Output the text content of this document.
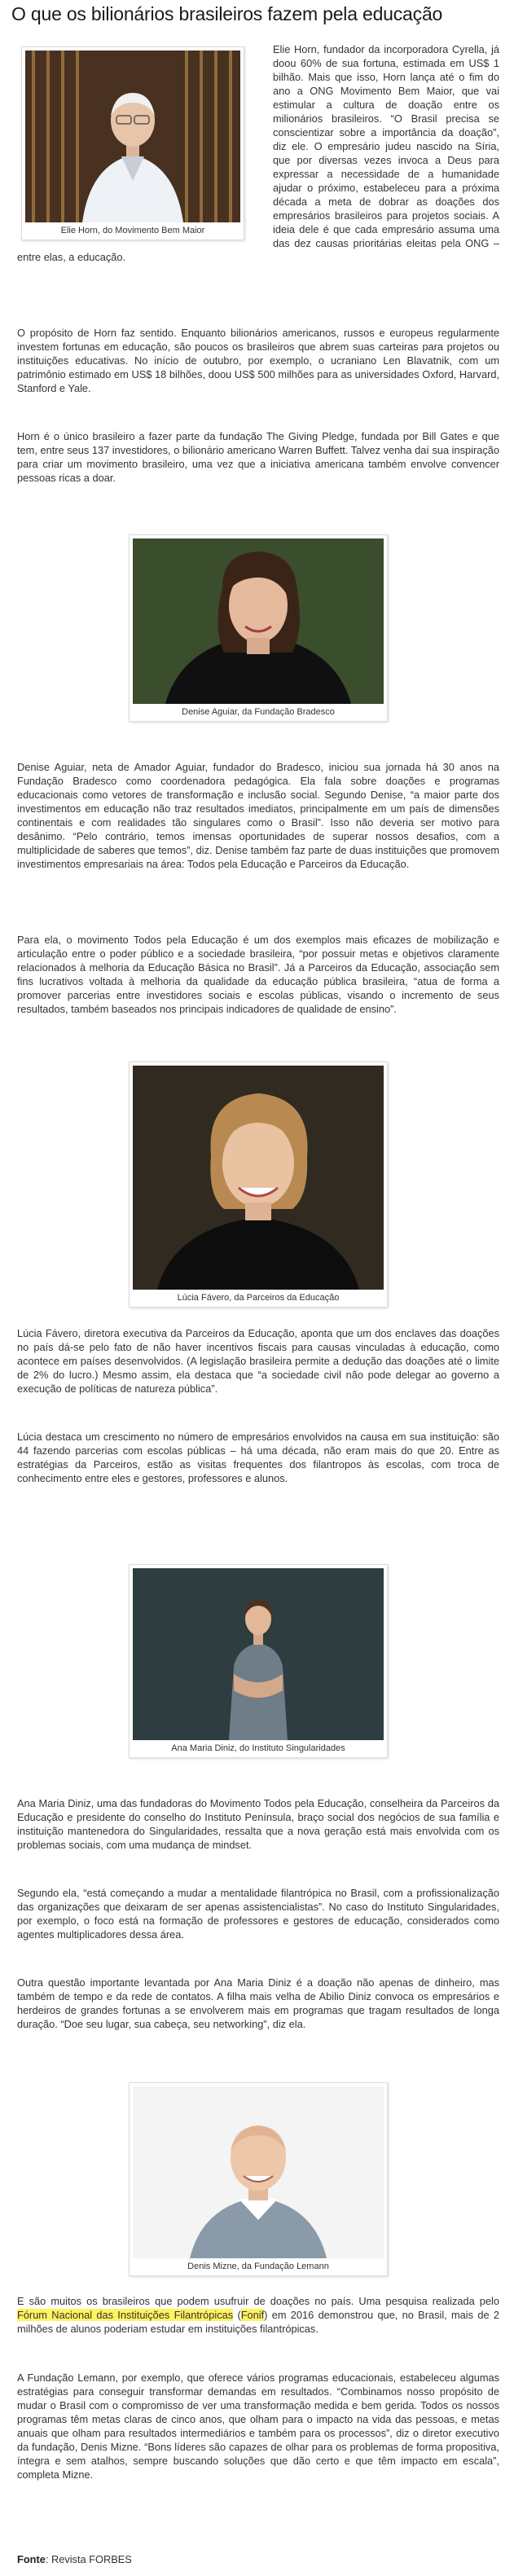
O que os bilionários brasileiros fazem pela educação
Elie Horn, do Movimento Bem Maior

Elie Horn, fundador da incorporadora Cyrella, já doou 60% de sua fortuna, estimada em US$ 1 bilhão. Mais que isso, Horn lança até o fim do ano a ONG Movimento Bem Maior, que vai estimular a cultura de doação entre os milionários brasileiros. “O Brasil precisa se conscientizar sobre a importância da doação”, diz ele. O empresário judeu nascido na Síria, que por diversas vezes invoca a Deus para expressar a necessidade de a humanidade ajudar o próximo, estabeleceu para a próxima década a meta de dobrar as doações dos empresários brasileiros para projetos sociais. A ideia dele é que cada empresário assuma uma das dez causas prioritárias eleitas pela ONG – entre elas, a educação.

O propósito de Horn faz sentido. Enquanto bilionários americanos, russos e europeus regularmente investem fortunas em educação, são poucos os brasileiros que abrem suas carteiras para projetos ou instituições educativas. No início de outubro, por exemplo, o ucraniano Len Blavatnik, com um patrimônio estimado em US$ 18 bilhões, doou US$ 500 milhões para as universidades Oxford, Harvard, Stanford e Yale.

Horn é o único brasileiro a fazer parte da fundação The Giving Pledge, fundada por Bill Gates e que tem, entre seus 137 investidores, o bilionário americano Warren Buffett. Talvez venha daí sua inspiração para criar um movimento brasileiro, uma vez que a iniciativa americana também envolve convencer pessoas ricas a doar.

Denise Aguiar, da Fundação Bradesco

Denise Aguiar, neta de Amador Aguiar, fundador do Bradesco, iniciou sua jornada há 30 anos na Fundação Bradesco como coordenadora pedagógica. Ela fala sobre doações e programas educacionais como vetores de transformação e inclusão social. Segundo Denise, “a maior parte dos investimentos em educação não traz resultados imediatos, principalmente em um país de dimensões continentais e com realidades tão singulares como o Brasil”. Isso não deveria ser motivo para desânimo. “Pelo contrário, temos imensas oportunidades de superar nossos desafios, com a multiplicidade de saberes que temos”, diz. Denise também faz parte de duas instituições que promovem investimentos empresariais na área: Todos pela Educação e Parceiros da Educação.

Para ela, o movimento Todos pela Educação é um dos exemplos mais eficazes de mobilização e articulação entre o poder público e a sociedade brasileira, “por possuir metas e objetivos claramente relacionados à melhoria da Educação Básica no Brasil”. Já a Parceiros da Educação, associação sem fins lucrativos voltada à melhoria da qualidade da educação pública brasileira, “atua de forma a promover parcerias entre investidores sociais e escolas públicas, visando o incremento de seus resultados, também baseados nos principais indicadores de qualidade de ensino”.

Lúcia Fávero, da Parceiros da Educação

Lúcia Fávero, diretora executiva da Parceiros da Educação, aponta que um dos enclaves das doações no país dá-se pelo fato de não haver incentivos fiscais para causas vinculadas à educação, como acontece em países desenvolvidos. (A legislação brasileira permite a dedução das doações até o limite de 2% do lucro.) Mesmo assim, ela destaca que “a sociedade civil não pode delegar ao governo a execução de políticas de natureza pública”.

Lúcia destaca um crescimento no número de empresários envolvidos na causa em sua instituição: são 44 fazendo parcerias com escolas públicas – há uma década, não eram mais do que 20. Entre as estratégias da Parceiros, estão as visitas frequentes dos filantropos às escolas, com troca de conhecimento entre eles e gestores, professores e alunos.

Ana Maria Diniz, do Instituto Singularidades

Ana Maria Diniz, uma das fundadoras do Movimento Todos pela Educação, conselheira da Parceiros da Educação e presidente do conselho do Instituto Península, braço social dos negócios de sua família e instituição mantenedora do Singularidades, ressalta que a nova geração está mais envolvida com os problemas sociais, com uma mudança de mindset.

Segundo ela, “está começando a mudar a mentalidade filantrópica no Brasil, com a profissionalização das organizações que deixaram de ser apenas assistencialistas”. No caso do Instituto Singularidades, por exemplo, o foco está na formação de professores e gestores de educação, considerados como agentes multiplicadores dessa área.

Outra questão importante levantada por Ana Maria Diniz é a doação não apenas de dinheiro, mas também de tempo e da rede de contatos. A filha mais velha de Abilio Diniz convoca os empresários e herdeiros de grandes fortunas a se envolverem mais em programas que tragam resultados de longa duração. “Doe seu lugar, sua cabeça, seu networking”, diz ela.

Denis Mizne, da Fundação Lemann

E são muitos os brasileiros que podem usufruir de doações no país. Uma pesquisa realizada pelo Fórum Nacional das Instituições Filantrópicas (Fonif) em 2016 demonstrou que, no Brasil, mais de 2 milhões de alunos poderiam estudar em instituições filantrópicas.

A Fundação Lemann, por exemplo, que oferece vários programas educacionais, estabeleceu algumas estratégias para conseguir transformar demandas em resultados. “Combinamos nosso propósito de mudar o Brasil com o compromisso de ver uma transformação medida e bem gerida. Todos os nossos programas têm metas claras de cinco anos, que olham para o impacto na vida das pessoas, e metas anuais que olham para resultados intermediários e também para os processos”, diz o diretor executivo da fundação, Denis Mizne. “Bons líderes são capazes de olhar para os problemas de forma propositiva, íntegra e sem atalhos, sempre buscando soluções que dão certo e que têm impacto em escala”, completa Mizne.

Fonte: Revista FORBES
